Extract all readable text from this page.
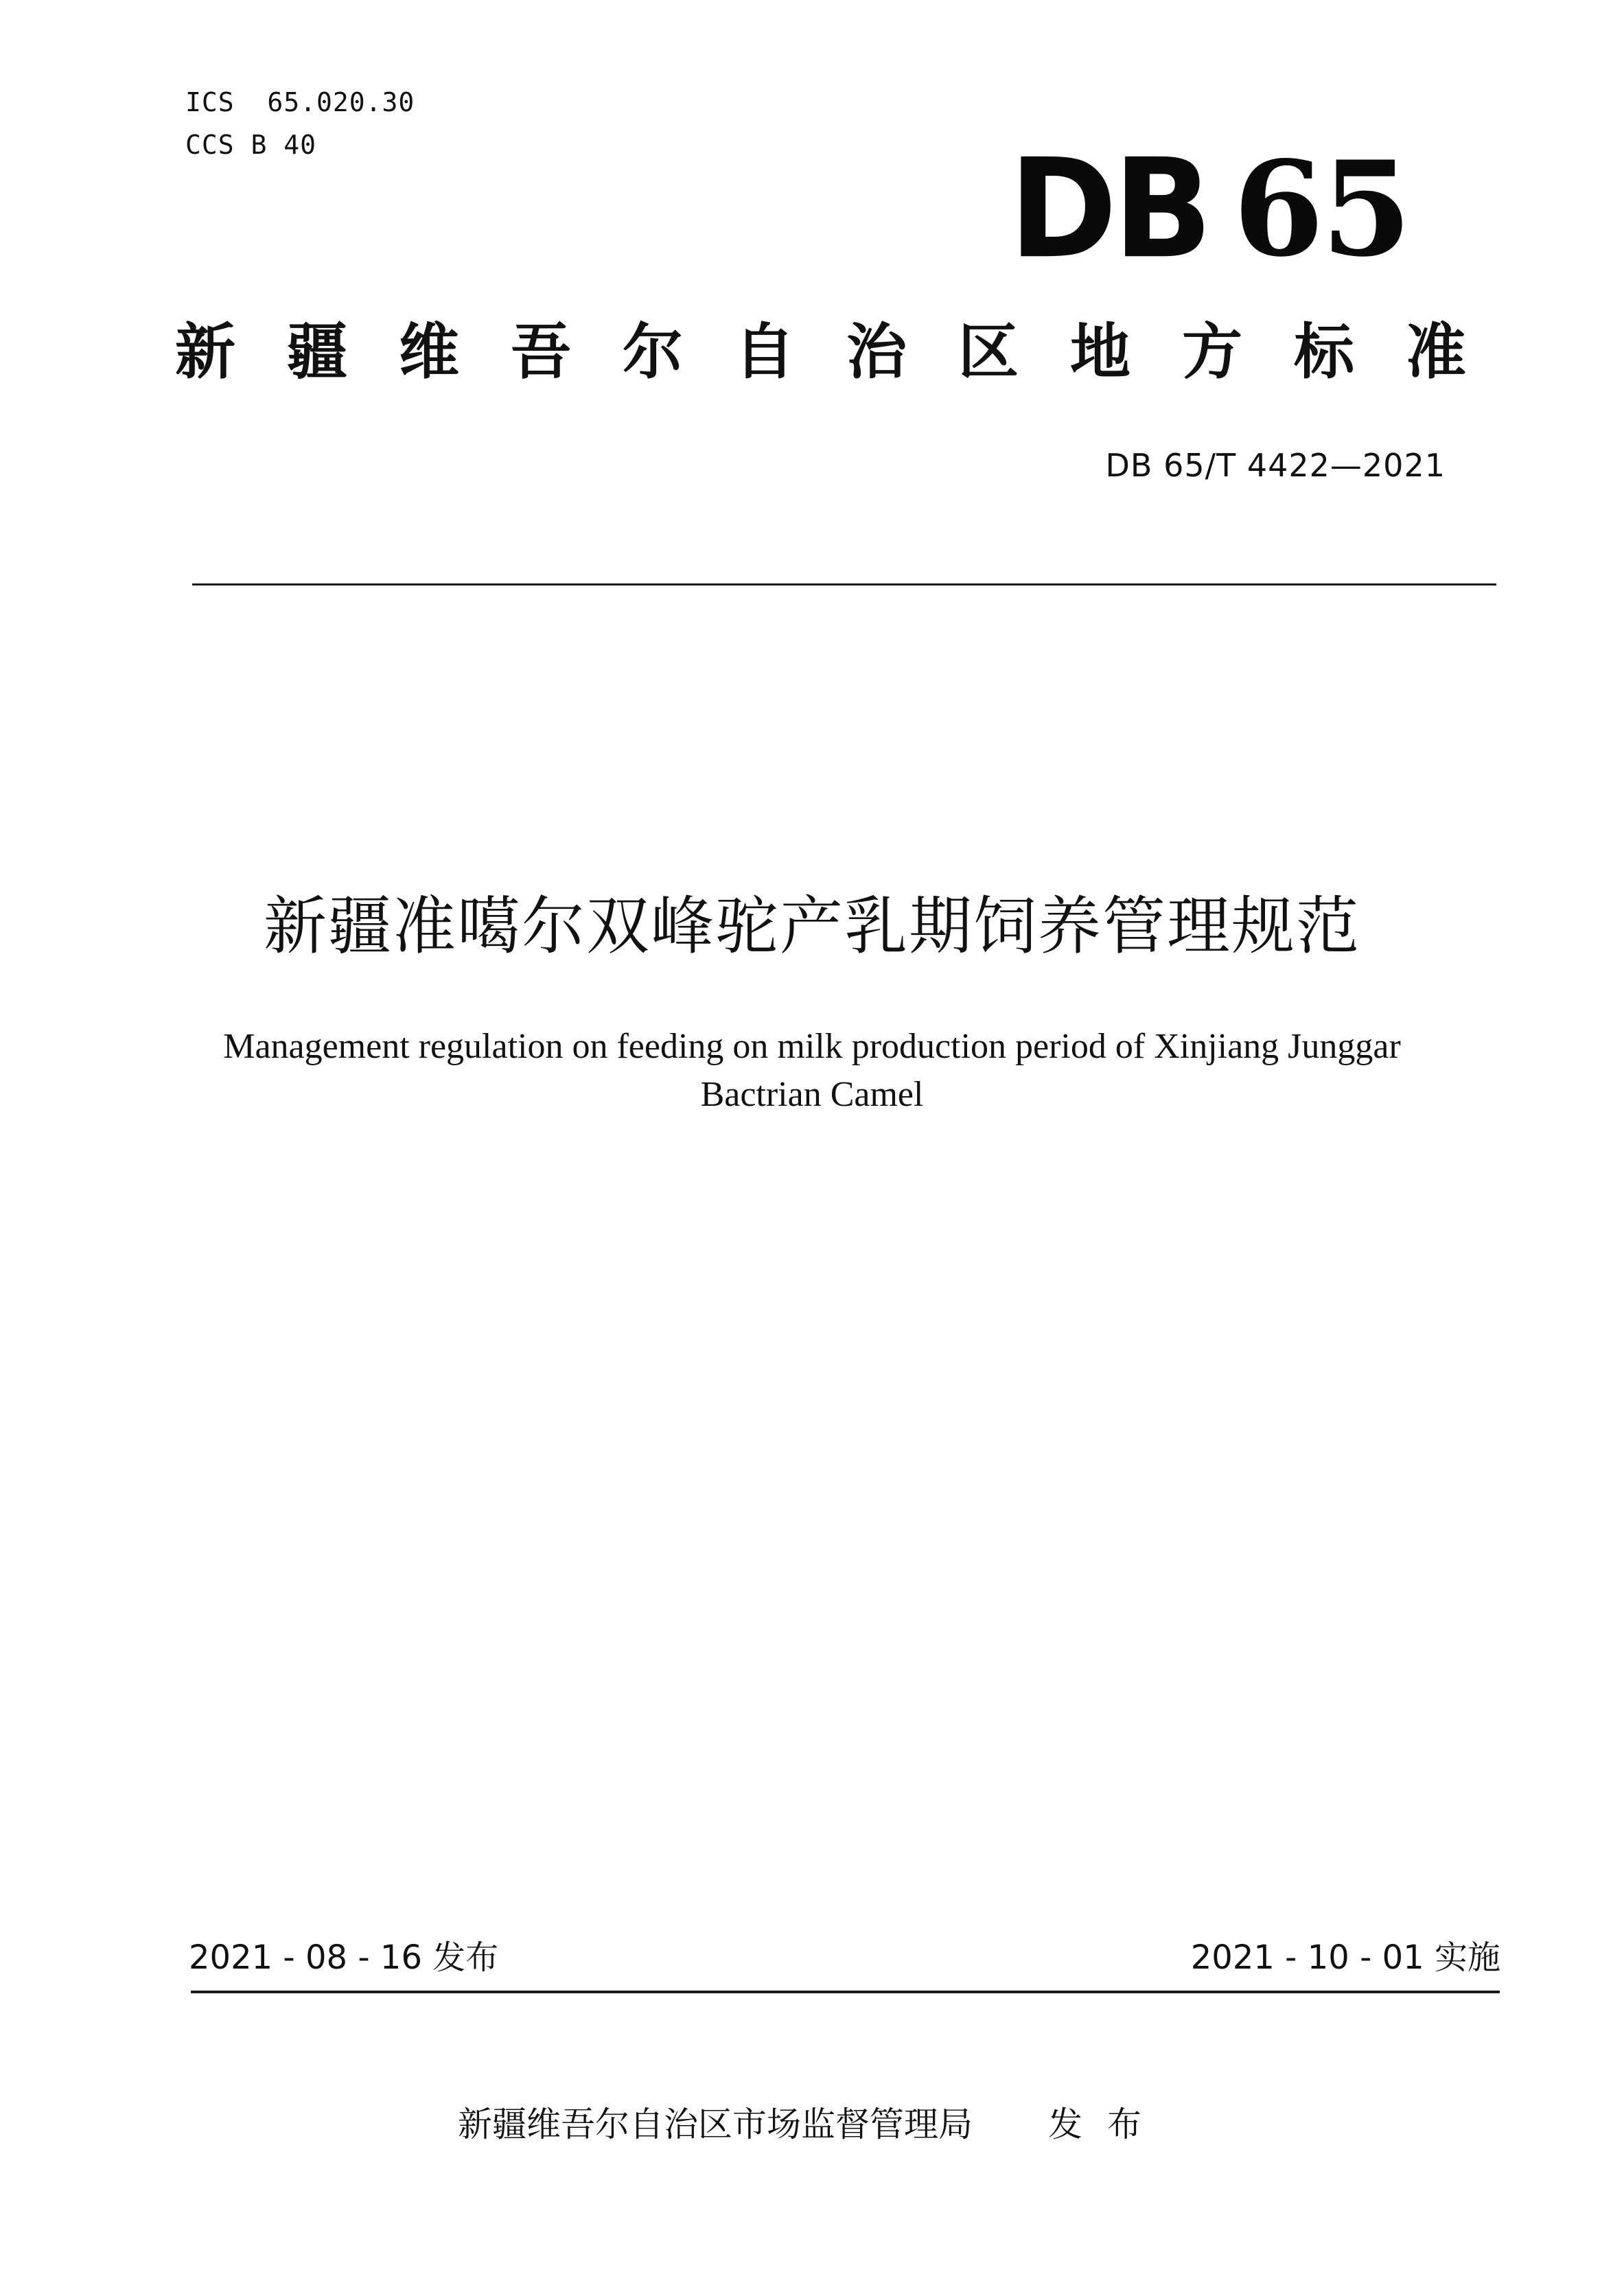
ICS 65.020.30
CCS B 40	DB 65
新疆维吾尔自治区地方标准
DB 65/T 4422—2021
新疆准噶尔双峰驼产乳期饲养管理规范
Management regulation on feeding on milk production period of Xinjiang Junggar Bactrian Camel
2021 - 08 - 16 发布	2021 - 10 - 01 实施
新疆维吾尔自治区市场监督管理局 发布
